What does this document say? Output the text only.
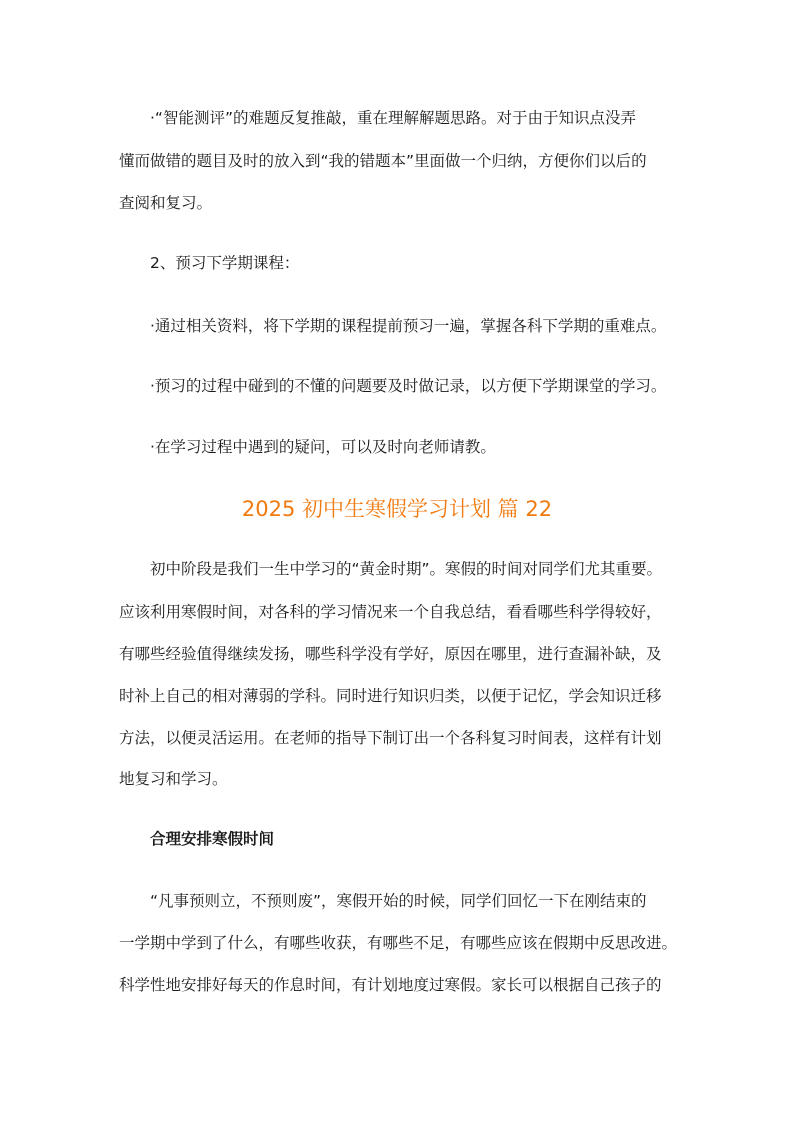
·“智能测评”的难题反复推敲，重在理解解题思路。对于由于知识点没弄

懂而做错的题目及时的放入到“我的错题本”里面做一个归纳，方便你们以后的

查阅和复习。

2、预习下学期课程：

·通过相关资料，将下学期的课程提前预习一遍，掌握各科下学期的重难点。

·预习的过程中碰到的不懂的问题要及时做记录，以方便下学期课堂的学习。

·在学习过程中遇到的疑问，可以及时向老师请教。

2025 初中生寒假学习计划 篇 22

初中阶段是我们一生中学习的“黄金时期”。寒假的时间对同学们尤其重要。

应该利用寒假时间，对各科的学习情况来一个自我总结，看看哪些科学得较好，

有哪些经验值得继续发扬，哪些科学没有学好，原因在哪里，进行查漏补缺，及

时补上自己的相对薄弱的学科。同时进行知识归类，以便于记忆，学会知识迁移

方法，以便灵活运用。在老师的指导下制订出一个各科复习时间表，这样有计划

地复习和学习。

合理安排寒假时间

“凡事预则立，不预则废”，寒假开始的时候，同学们回忆一下在刚结束的

一学期中学到了什么，有哪些收获，有哪些不足，有哪些应该在假期中反思改进。

科学性地安排好每天的作息时间，有计划地度过寒假。家长可以根据自己孩子的
